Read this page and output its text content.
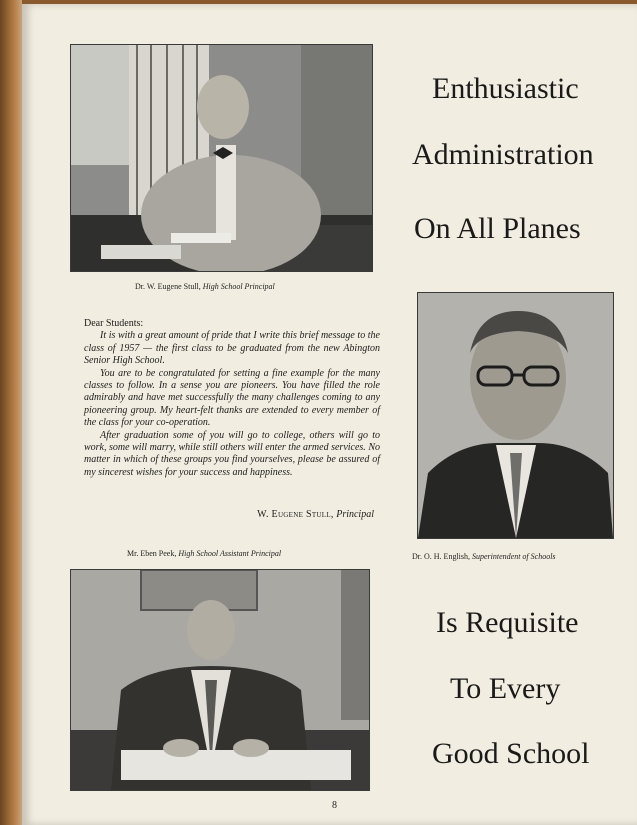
Dr. W. Eugene Stull, High School Principal
Enthusiastic
Administration
On All Planes
Dear Students:

It is with a great amount of pride that I write this brief message to the class of 1957 — the first class to be graduated from the new Abington Senior High School.

You are to be congratulated for setting a fine example for the many classes to follow. In a sense you are pioneers. You have filled the role admirably and have met successfully the many challenges coming to any pioneering group. My heart-felt thanks are extended to every member of the class for your co-operation.

After graduation some of you will go to college, others will go to work, some will marry, while still others will enter the armed services. No matter in which of these groups you find yourselves, please be assured of my sincerest wishes for your success and happiness.

W. Eugene Stull, Principal
Dr. O. H. English, Superintendent of Schools
Mr. Eben Peek, High School Assistant Principal
Is Requisite
To Every
Good School
8
